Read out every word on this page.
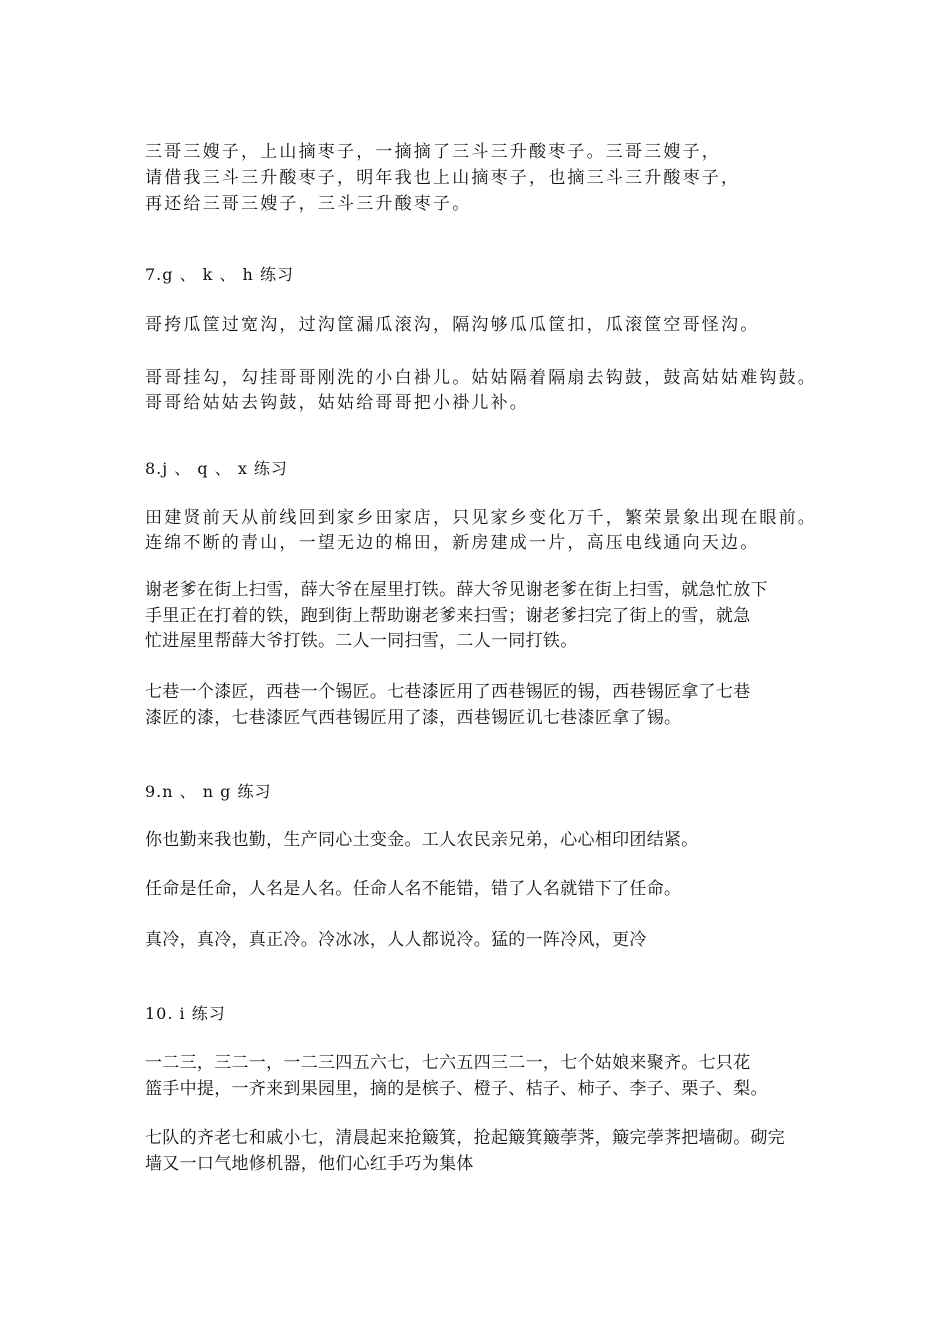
三哥三嫂子，上山摘枣子，一摘摘了三斗三升酸枣子。三哥三嫂子，
请借我三斗三升酸枣子，明年我也上山摘枣子，也摘三斗三升酸枣子，
再还给三哥三嫂子，三斗三升酸枣子。
7.g 、 k 、 h 练习
哥挎瓜筐过宽沟，过沟筐漏瓜滚沟，隔沟够瓜瓜筐扣，瓜滚筐空哥怪沟。
哥哥挂勾，勾挂哥哥刚洗的小白褂儿。姑姑隔着隔扇去钩鼓，鼓高姑姑难钩鼓。
哥哥给姑姑去钩鼓，姑姑给哥哥把小褂儿补。
8.j 、 q 、 x 练习
田建贤前天从前线回到家乡田家店，只见家乡变化万千，繁荣景象出现在眼前。
连绵不断的青山，一望无边的棉田，新房建成一片，高压电线通向天边。
谢老爹在街上扫雪，薛大爷在屋里打铁。薛大爷见谢老爹在街上扫雪，就急忙放下
手里正在打着的铁，跑到街上帮助谢老爹来扫雪；谢老爹扫完了街上的雪，就急
忙进屋里帮薛大爷打铁。二人一同扫雪，二人一同打铁。
七巷一个漆匠，西巷一个锡匠。七巷漆匠用了西巷锡匠的锡，西巷锡匠拿了七巷
漆匠的漆，七巷漆匠气西巷锡匠用了漆，西巷锡匠讥七巷漆匠拿了锡。
9.n 、 n g 练习
你也勤来我也勤，生产同心土变金。工人农民亲兄弟，心心相印团结紧。
任命是任命，人名是人名。任命人名不能错，错了人名就错下了任命。
真冷，真冷，真正冷。冷冰冰，人人都说冷。猛的一阵冷风，更冷
10. i 练习
一二三，三二一，一二三四五六七，七六五四三二一，七个姑娘来聚齐。七只花
篮手中提，一齐来到果园里，摘的是槟子、橙子、桔子、柿子、李子、栗子、梨。
七队的齐老七和戚小七，清晨起来抢簸箕，抢起簸箕簸荸荠，簸完荸荠把墙砌。砌完
墙又一口气地修机器，他们心红手巧为集体
